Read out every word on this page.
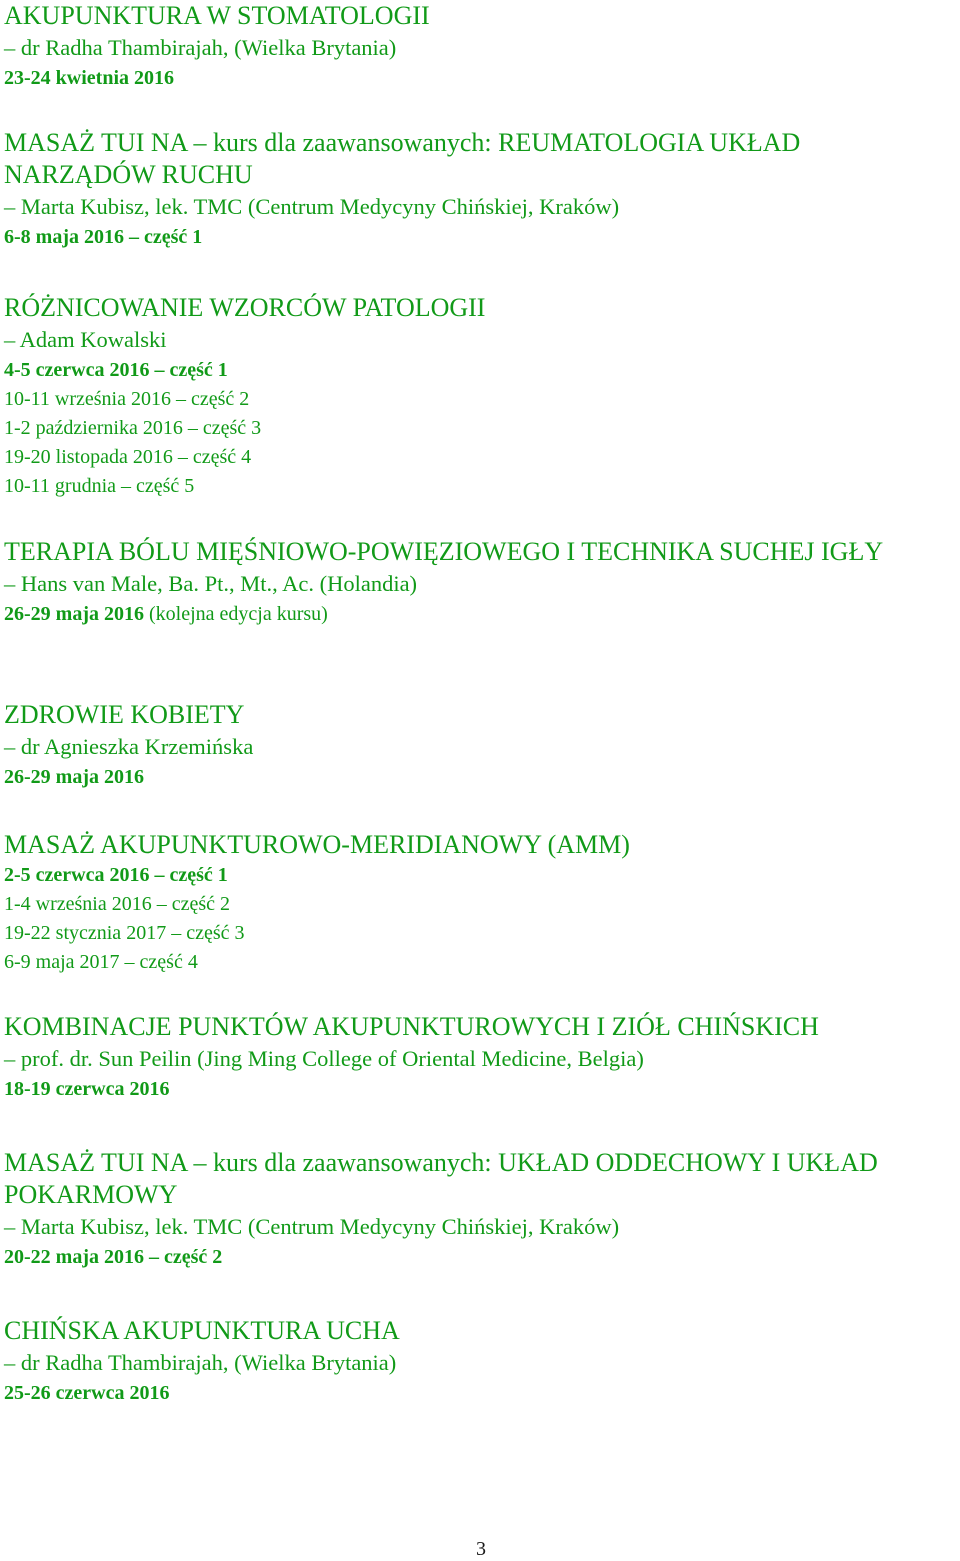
AKUPUNKTURA W STOMATOLOGII
– dr Radha Thambirajah, (Wielka Brytania)
23-24 kwietnia 2016
MASAŻ TUI NA – kurs dla zaawansowanych: REUMATOLOGIA UKŁAD NARZĄDÓW RUCHU
– Marta Kubisz, lek. TMC (Centrum Medycyny Chińskiej, Kraków)
6-8 maja 2016 – część 1
RÓŻNICOWANIE WZORCÓW PATOLOGII
– Adam Kowalski
4-5 czerwca 2016 – część 1
10-11 września 2016 – część 2
1-2 października 2016 – część 3
19-20 listopada 2016 – część 4
10-11 grudnia – część 5
TERAPIA BÓLU MIĘŚNIOWO-POWIĘZIOWEGO I TECHNIKA SUCHEJ IGŁY
– Hans van Male, Ba. Pt., Mt., Ac. (Holandia)
26-29 maja 2016 (kolejna edycja kursu)
ZDROWIE KOBIETY
– dr Agnieszka Krzemińska
26-29 maja 2016
MASAŻ AKUPUNKTUROWO-MERIDIANOWY (AMM)
2-5 czerwca 2016 – część 1
1-4 września 2016 – część 2
19-22 stycznia 2017 – część 3
6-9 maja 2017 – część 4
KOMBINACJE PUNKTÓW AKUPUNKTUROWYCH I ZIÓŁ CHIŃSKICH
– prof. dr. Sun Peilin (Jing Ming College of Oriental Medicine, Belgia)
18-19 czerwca 2016
MASAŻ TUI NA – kurs dla zaawansowanych: UKŁAD ODDECHOWY I UKŁAD POKARMOWY
– Marta Kubisz, lek. TMC (Centrum Medycyny Chińskiej, Kraków)
20-22 maja 2016 – część 2
CHIŃSKA AKUPUNKTURA UCHA
– dr Radha Thambirajah, (Wielka Brytania)
25-26 czerwca 2016
3
